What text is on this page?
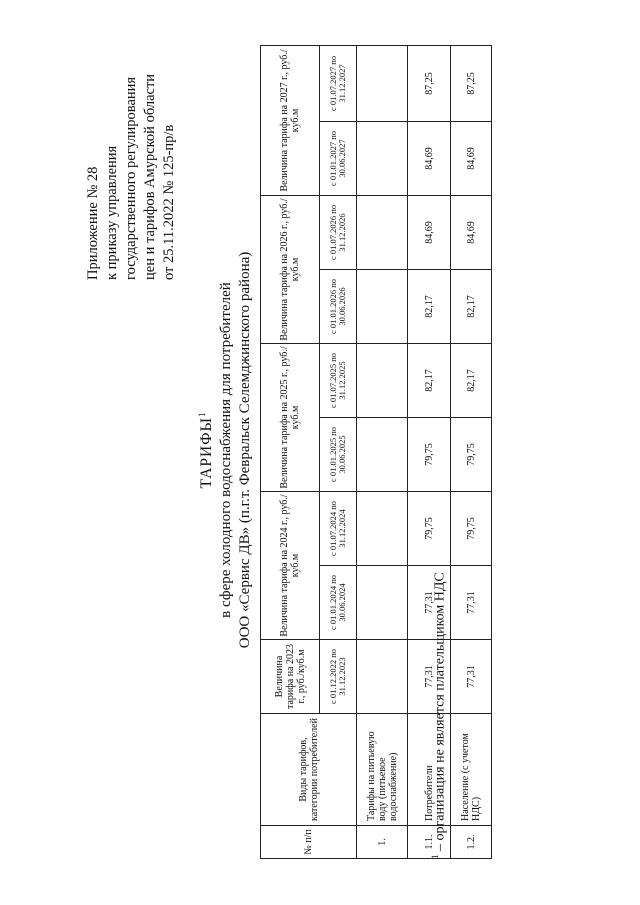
Приложение № 28 к приказу управления государственного регулирования цен и тарифов Амурской области от 25.11.2022 № 125-пр/в
ТАРИФЫ$^1$ в сфере холодного водоснабжения для потребителей ООО «Сервис ДВ» (п.г.т. Февральск Селемджинского района)
№ п/п	Виды тарифов, категории потребителей	Величина тарифа на 2023 г., руб./куб.м	Величина тарифа на 2024 г., руб./куб.м		Величина тарифа на 2025 г., руб./куб.м		Величина тарифа на 2026 г., руб./куб.м		Величина тарифа на 2027 г., руб./куб.м	
		с 01.12.2022 по 31.12.2023	с 01.01.2024 по 30.06.2024	с 01.07.2024 по 31.12.2024	с 01.01.2025 по 30.06.2025	с 01.07.2025 по 31.12.2025	с 01.01.2026 по 30.06.2026	с 01.07.2026 по 31.12.2026	с 01.01.2027 по 30.06.2027	с 01.07.2027 по 31.12.2027
1.	Тарифы на питьевую воду (питьевое водоснабжение)									
1.1.	Потребители	77,31	77,31	79,75	79,75	82,17	82,17	84,69	84,69	87,25
1.2.	Население (с учетом НДС)	77,31	77,31	79,75	79,75	82,17	82,17	84,69	84,69	87,25
$^1$ – организация не является плательщиком НДС
